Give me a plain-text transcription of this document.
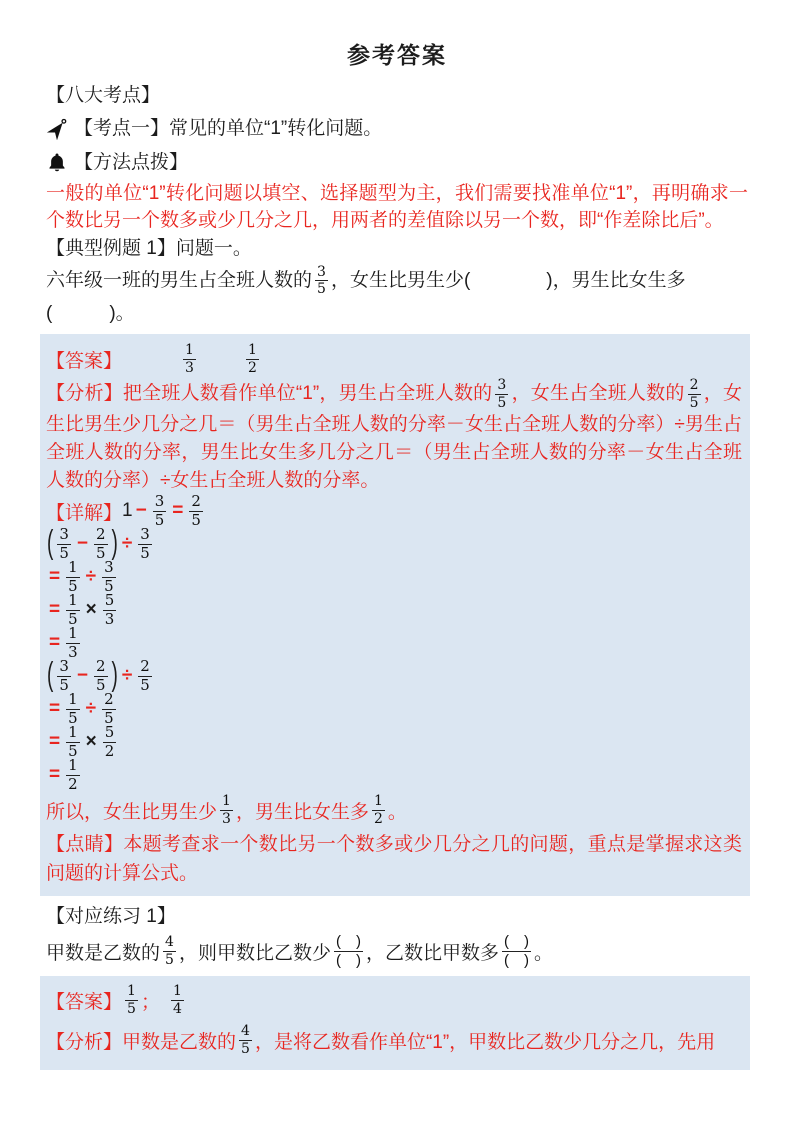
参考答案
【八大考点】
【考点一】常见的单位“1”转化问题。
【方法点拨】
一般的单位“1”转化问题以填空、选择题型为主，我们需要找准单位“1”，再明确求一个数比另一个数多或少几分之几，用两者的差值除以另一个数，即“作差除比后”。
【典型例题 1】问题一。
六年级一班的男生占全班人数的 $\frac{3}{5}$ ，女生比男生少(　　　　)，男生比女生多
(　　　)。
【答案】	$\frac{1}{3}$	$\frac{1}{2}$
【分析】把全班人数看作单位“1”，男生占全班人数的 $\frac{3}{5}$ ，女生占全班人数的 $\frac{2}{5}$ ，女生比男生少几分之几＝（男生占全班人数的分率－女生占全班人数的分率）÷男生占全班人数的分率，男生比女生多几分之几＝（男生占全班人数的分率－女生占全班人数的分率）÷女生占全班人数的分率。
【详解】 $1 - \frac{3}{5} = \frac{2}{5}$
( $\frac{3}{5} - \frac{2}{5}$ ) ÷ $\frac{3}{5}$
= $\frac{1}{5} \div \frac{3}{5}$
= $\frac{1}{5} \times \frac{5}{3}$
= $\frac{1}{3}$
( $\frac{3}{5} - \frac{2}{5}$ ) ÷ $\frac{2}{5}$
= $\frac{1}{5} \div \frac{2}{5}$
= $\frac{1}{5} \times \frac{5}{2}$
= $\frac{1}{2}$
所以，女生比男生少 $\frac{1}{3}$ ，男生比女生多 $\frac{1}{2}$ 。
【点睛】本题考查求一个数比另一个数多或少几分之几的问题，重点是掌握求这类问题的计算公式。
【对应练习 1】
甲数是乙数的 $\frac{4}{5}$ ，则甲数比乙数少 $\frac{( )}{( )}$ ，乙数比甲数多 $\frac{( )}{( )}$ 。
【答案】 $\frac{1}{5}$ ； $\frac{1}{4}$
【分析】甲数是乙数的 $\frac{4}{5}$ ，是将乙数看作单位“1”，甲数比乙数少几分之几，先用
